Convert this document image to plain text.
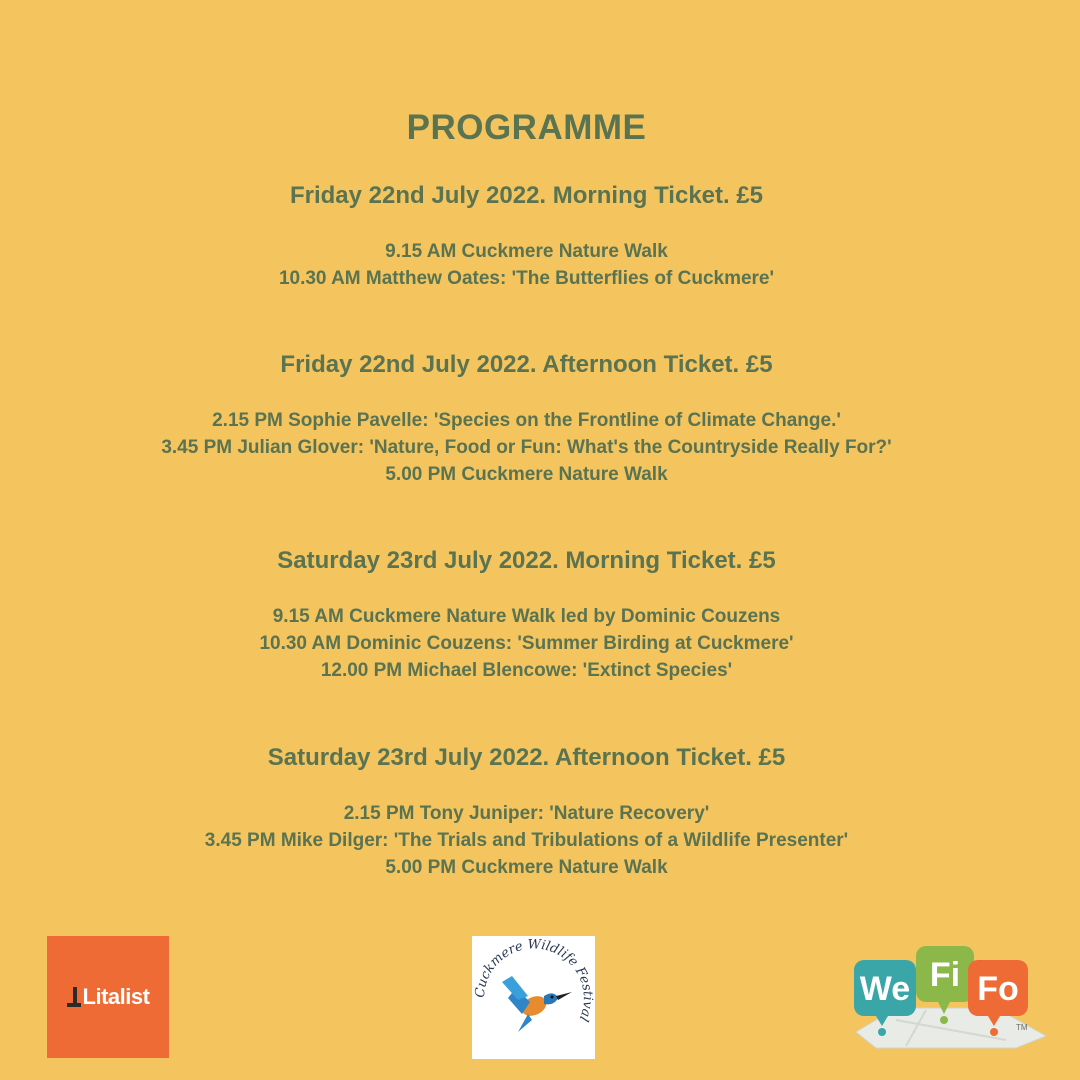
PROGRAMME
Friday 22nd July 2022. Morning Ticket. £5
9.15 AM Cuckmere Nature Walk
10.30 AM Matthew Oates: 'The Butterflies of Cuckmere'
Friday 22nd July 2022. Afternoon Ticket. £5
2.15 PM Sophie Pavelle: 'Species on the Frontline of Climate Change.'
3.45 PM Julian Glover: 'Nature, Food or Fun: What's the Countryside Really For?'
5.00 PM Cuckmere Nature Walk
Saturday 23rd July 2022. Morning Ticket. £5
9.15 AM Cuckmere Nature Walk led by Dominic Couzens
10.30 AM Dominic Couzens: 'Summer Birding at Cuckmere'
12.00 PM Michael Blencowe: 'Extinct Species'
Saturday 23rd July 2022. Afternoon Ticket. £5
2.15 PM Tony Juniper: 'Nature Recovery'
3.45 PM Mike Dilger: 'The Trials and Tribulations of a Wildlife Presenter'
5.00 PM Cuckmere Nature Walk
Litalist	Cuckmere Wildlife Festival
We Fi Fo
TM
